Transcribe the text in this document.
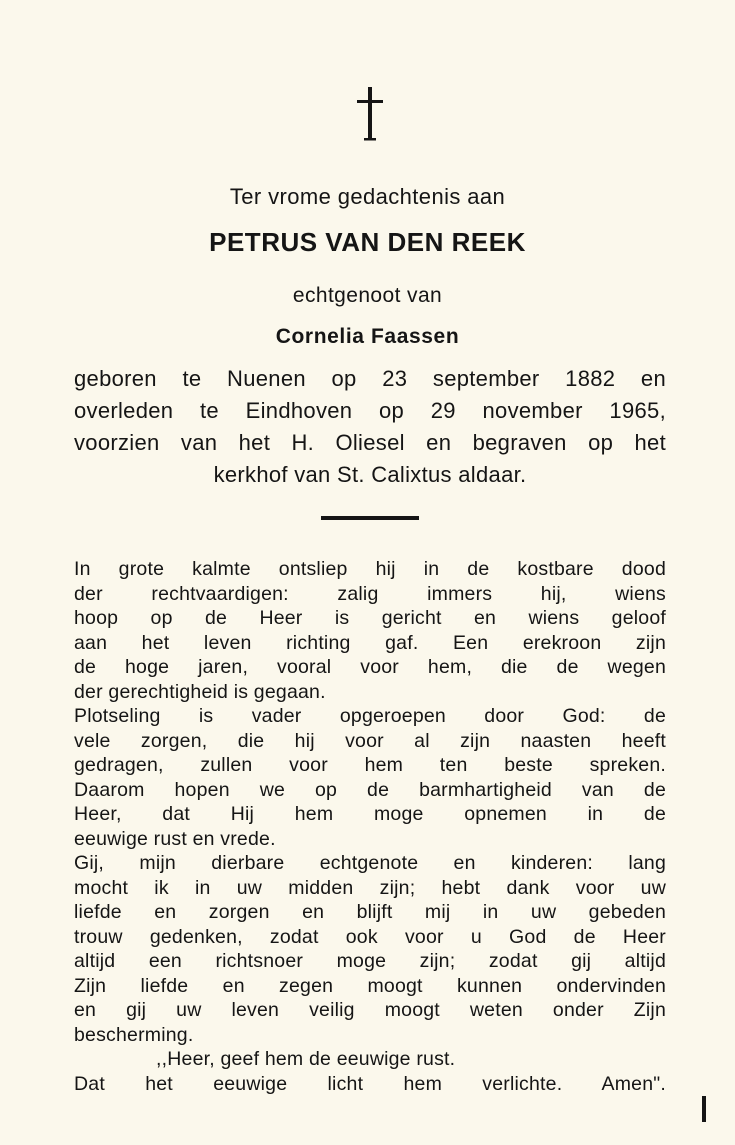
Ter vrome gedachtenis aan
PETRUS VAN DEN REEK
echtgenoot van
Cornelia Faassen
geboren te Nuenen op 23 september 1882 en
overleden te Eindhoven op 29 november 1965,
voorzien van het H. Oliesel en begraven op het
kerkhof van St. Calixtus aldaar.
In grote kalmte ontsliep hij in de kostbare dood
der rechtvaardigen: zalig immers hij, wiens
hoop op de Heer is gericht en wiens geloof
aan het leven richting gaf. Een erekroon zijn
de hoge jaren, vooral voor hem, die de wegen
der gerechtigheid is gegaan.
Plotseling is vader opgeroepen door God: de
vele zorgen, die hij voor al zijn naasten heeft
gedragen, zullen voor hem ten beste spreken.
Daarom hopen we op de barmhartigheid van de
Heer, dat Hij hem moge opnemen in de
eeuwige rust en vrede.
Gij, mijn dierbare echtgenote en kinderen: lang
mocht ik in uw midden zijn; hebt dank voor uw
liefde en zorgen en blijft mij in uw gebeden
trouw gedenken, zodat ook voor u God de Heer
altijd een richtsnoer moge zijn; zodat gij altijd
Zijn liefde en zegen moogt kunnen ondervinden
en gij uw leven veilig moogt weten onder Zijn
bescherming.
,,Heer, geef hem de eeuwige rust.
Dat het eeuwige licht hem verlichte. Amen".
